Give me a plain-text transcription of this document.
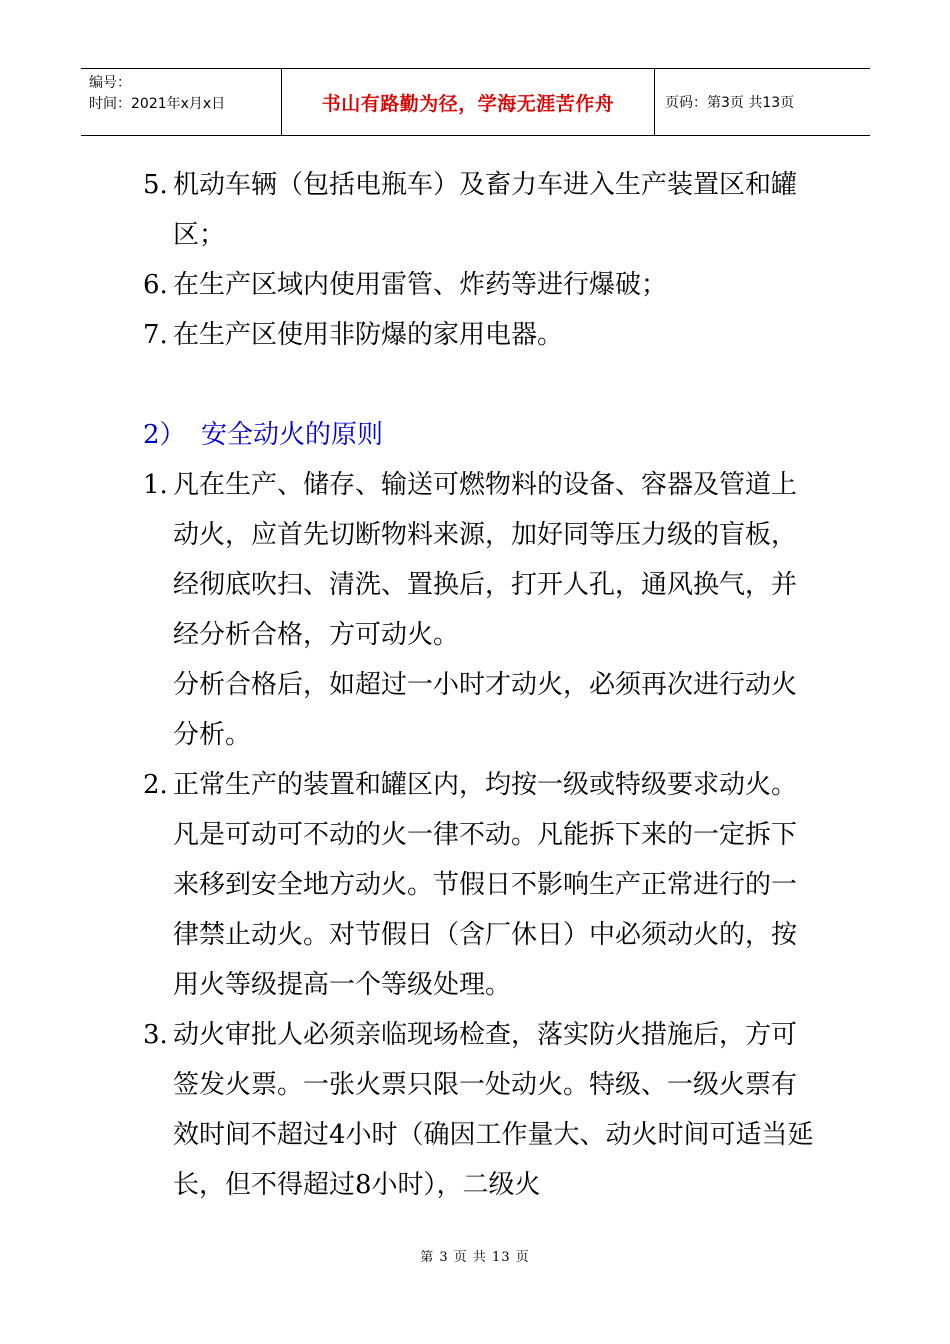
编号：
时间：2021年x月x日	书山有路勤为径，学海无涯苦作舟	页码：第3页 共13页
5. 机动车辆（包括电瓶车）及畜力车进入生产装置区和罐区；
6. 在生产区域内使用雷管、炸药等进行爆破；
7. 在生产区使用非防爆的家用电器。
2） 安全动火的原则
1. 凡在生产、储存、输送可燃物料的设备、容器及管道上动火，应首先切断物料来源，加好同等压力级的盲板，经彻底吹扫、清洗、置换后，打开人孔，通风换气，并经分析合格，方可动火。
分析合格后，如超过一小时才动火，必须再次进行动火分析。
2. 正常生产的装置和罐区内，均按一级或特级要求动火。凡是可动可不动的火一律不动。凡能拆下来的一定拆下来移到安全地方动火。节假日不影响生产正常进行的一律禁止动火。对节假日（含厂休日）中必须动火的，按用火等级提高一个等级处理。
3. 动火审批人必须亲临现场检查，落实防火措施后，方可签发火票。一张火票只限一处动火。特级、一级火票有效时间不超过4小时（确因工作量大、动火时间可适当延长，但不得超过8小时），二级火
第 3 页 共 13 页
